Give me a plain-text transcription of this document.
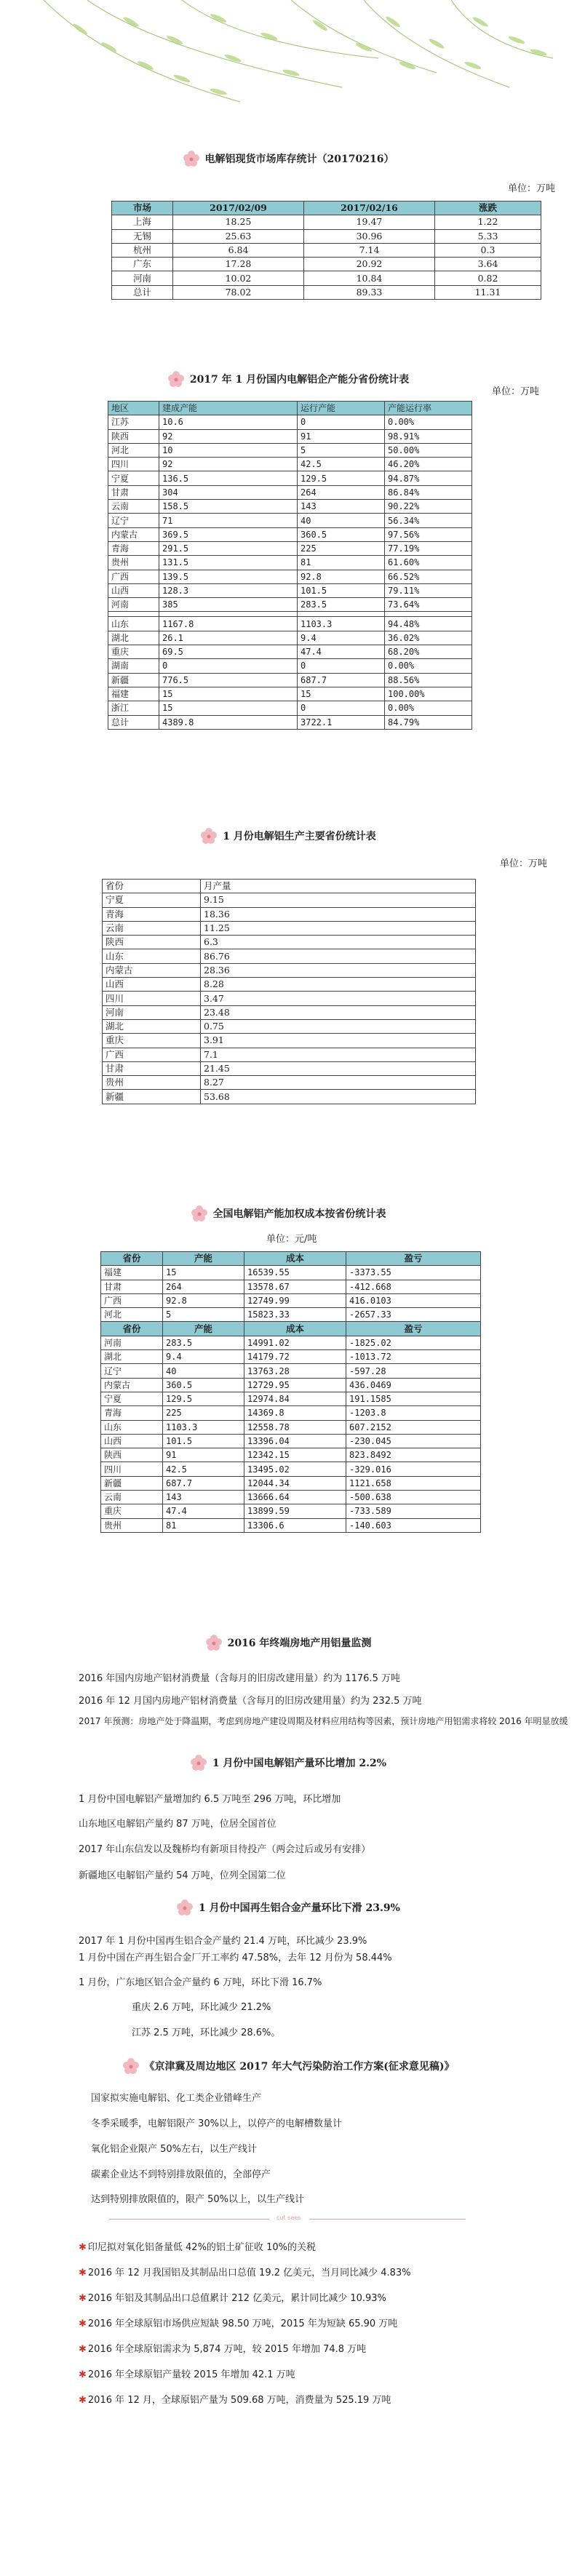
电解铝现货市场库存统计（20170216）
单位：万吨
市场	2017/02/09	2017/02/16	涨跌
上海	18.25	19.47	1.22
无锡	25.63	30.96	5.33
杭州	6.84	7.14	0.3
广东	17.28	20.92	3.64
河南	10.02	10.84	0.82
总计	78.02	89.33	11.31
2017 年 1 月份国内电解铝企产能分省份统计表
单位：万吨
地区	建成产能	运行产能	产能运行率
江苏	10.6	0	0.00%
陕西	92	91	98.91%
河北	10	5	50.00%
四川	92	42.5	46.20%
宁夏	136.5	129.5	94.87%
甘肃	304	264	86.84%
云南	158.5	143	90.22%
辽宁	71	40	56.34%
内蒙古	369.5	360.5	97.56%
青海	291.5	225	77.19%
贵州	131.5	81	61.60%
广西	139.5	92.8	66.52%
山西	128.3	101.5	79.11%
河南	385	283.5	73.64%

山东	1167.8	1103.3	94.48%
湖北	26.1	9.4	36.02%
重庆	69.5	47.4	68.20%
湖南	0	0	0.00%
新疆	776.5	687.7	88.56%
福建	15	15	100.00%
浙江	15	0	0.00%
总计	4389.8	3722.1	84.79%
1 月份电解铝生产主要省份统计表
单位：万吨
省份	月产量
宁夏	9.15
青海	18.36
云南	11.25
陕西	6.3
山东	86.76
内蒙古	28.36
山西	8.28
四川	3.47
河南	23.48
湖北	0.75
重庆	3.91
广西	7.1
甘肃	21.45
贵州	8.27
新疆	53.68
全国电解铝产能加权成本按省份统计表
单位：元/吨
省份	产能	成本	盈亏
福建	15	16539.55	-3373.55
甘肃	264	13578.67	-412.668
广西	92.8	12749.99	416.0103
河北	5	15823.33	-2657.33
省份	产能	成本	盈亏
河南	283.5	14991.02	-1825.02
湖北	9.4	14179.72	-1013.72
辽宁	40	13763.28	-597.28
内蒙古	360.5	12729.95	436.0469
宁夏	129.5	12974.84	191.1585
青海	225	14369.8	-1203.8
山东	1103.3	12558.78	607.2152
山西	101.5	13396.04	-230.045
陕西	91	12342.15	823.8492
四川	42.5	13495.02	-329.016
新疆	687.7	12044.34	1121.658
云南	143	13666.64	-500.638
重庆	47.4	13899.59	-733.589
贵州	81	13306.6	-140.603
2016 年终端房地产用铝量监测

2016 年国内房地产铝材消费量（含每月的旧房改建用量）约为 1176.5 万吨

2016 年 12 月国内房地产铝材消费量（含每月的旧房改建用量）约为 232.5 万吨

2017 年预测：房地产处于降温期，考虑到房地产建设周期及材料应用结构等因素，预计房地产用铝需求将较 2016 年明显放缓

1 月份中国电解铝产量环比增加 2.2%

1 月份中国电解铝产量增加约 6.5 万吨至 296 万吨，环比增加

山东地区电解铝产量约 87 万吨，位居全国首位

2017 年山东信发以及魏桥均有新项目待投产（两会过后或另有安排）

新疆地区电解铝产量约 54 万吨，位列全国第二位

1 月份中国再生铝合金产量环比下滑 23.9%

2017 年 1 月份中国再生铝合金产量约 21.4 万吨，环比减少 23.9%

1 月份中国在产再生铝合金厂开工率约 47.58%，去年 12 月份为 58.44%

1 月份，广东地区铝合金产量约 6 万吨，环比下滑 16.7%

重庆 2.6 万吨，环比减少 21.2%

江苏 2.5 万吨，环比减少 28.6%。

《京津冀及周边地区 2017 年大气污染防治工作方案(征求意见稿)》

国家拟实施电解铝、化工类企业错峰生产

冬季采暖季，电解铝限产 30%以上，以停产的电解槽数量计

氧化铝企业限产 50%左右，以生产线计

碳素企业达不到特别排放限值的，全部停产

达到特别排放限值的，限产 50%以上，以生产线计

cut sees

✱ 印尼拟对氧化铝备量低 42%的铝土矿征收 10%的关税

✱ 2016 年 12 月我国铝及其制品出口总值 19.2 亿美元，当月同比减少 4.83%

✱ 2016 年铝及其制品出口总值累计 212 亿美元，累计同比减少 10.93%

✱ 2016 年全球原铝市场供应短缺 98.50 万吨，2015 年为短缺 65.90 万吨

✱ 2016 年全球原铝需求为 5,874 万吨，较 2015 年增加 74.8 万吨

✱ 2016 年全球原铝产量较 2015 年增加 42.1 万吨

✱ 2016 年 12 月，全球原铝产量为 509.68 万吨，消费量为 525.19 万吨
